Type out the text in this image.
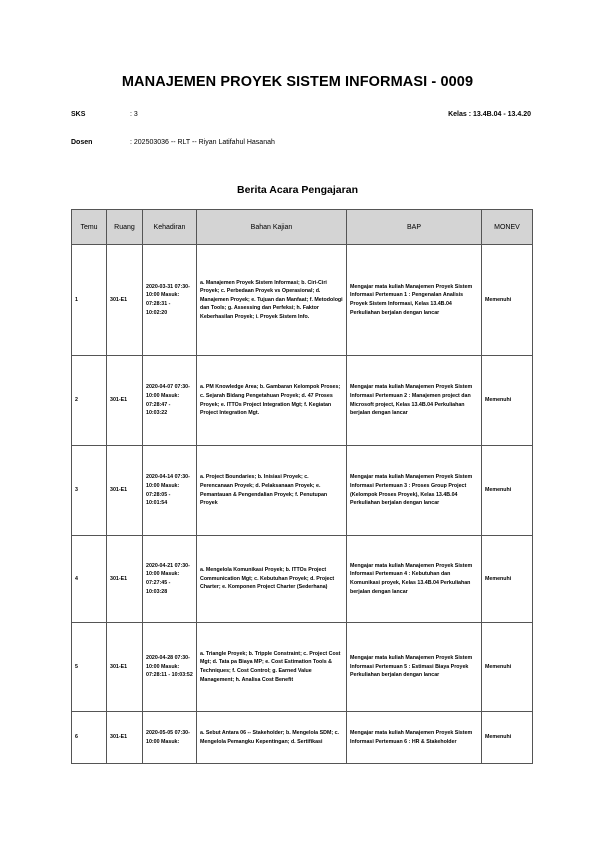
MANAJEMEN PROYEK SISTEM INFORMASI - 0009
SKS	: 3	Kelas : 13.4B.04 - 13.4.20
Dosen	: 202503036 -- RLT -- Riyan Latifahul Hasanah
Berita Acara Pengajaran
Temu	Ruang	Kehadiran	Bahan Kajian	BAP	MONEV
1	301-E1	2020-03-31 07:30-10:00 Masuk: 07:28:31 - 10:02:20	a. Manajemen Proyek Sistem Informasi; b. Ciri-Ciri Proyek; c. Perbedaan Proyek vs Operasional; d. Manajemen Proyek; e. Tujuan dan Manfaat; f. Metodologi dan Tools; g. Assessing dan Perfeksi; h. Faktor Keberhasilan Proyek; i. Proyek Sistem Info.	Mengajar mata kuliah Manajemen Proyek Sistem Informasi Pertemuan 1 : Pengenalan Analisis Proyek Sistem Informasi, Kelas 13.4B.04 Perkuliahan berjalan dengan lancar	Memenuhi
2	301-E1	2020-04-07 07:30-10:00 Masuk: 07:28:47 - 10:03:22	a. PM Knowledge Area; b. Gambaran Kelompok Proses; c. Sejarah Bidang Pengetahuan Proyek; d. 47 Proses Proyek; e. ITTOs Project Integration Mgt; f. Kegiatan Project Integration Mgt.	Mengajar mata kuliah Manajemen Proyek Sistem Informasi Pertemuan 2 : Manajemen project dan Microsoft project, Kelas 13.4B.04 Perkuliahan berjalan dengan lancar	Memenuhi
3	301-E1	2020-04-14 07:30-10:00 Masuk: 07:28:05 - 10:01:54	a. Project Boundaries; b. Inisiasi Proyek; c. Perencanaan Proyek; d. Pelaksanaan Proyek; e. Pemantauan & Pengendalian Proyek; f. Penutupan Proyek	Mengajar mata kuliah Manajemen Proyek Sistem Informasi Pertemuan 3 : Proses Group Project (Kelompok Proses Proyek), Kelas 13.4B.04 Perkuliahan berjalan dengan lancar	Memenuhi
4	301-E1	2020-04-21 07:30-10:00 Masuk: 07:27:45 - 10:03:28	a. Mengelola Komunikasi Proyek; b. ITTOs Project Communication Mgt; c. Kebutuhan Proyek; d. Project Charter; e. Komponen Project Charter (Sederhana)	Mengajar mata kuliah Manajemen Proyek Sistem Informasi Pertemuan 4 : Kebutuhan dan Komunikasi proyek, Kelas 13.4B.04 Perkuliahan berjalan dengan lancar	Memenuhi
5	301-E1	2020-04-28 07:30-10:00 Masuk: 07:28:11 - 10:03:52	a. Triangle Proyek; b. Tripple Constraint; c. Project Cost Mgt; d. Tata pa Biaya MP; e. Cost Estimation Tools & Techniques; f. Cost Control; g. Earned Value Management; h. Analisa Cost Benefit	Mengajar mata kuliah Manajemen Proyek Sistem Informasi Pertemuan 5 : Estimasi Biaya Proyek Perkuliahan berjalan dengan lancar	Memenuhi
6	301-E1	2020-05-05 07:30-10:00 Masuk:	a. Sebut Antara 06 -- Stakeholder; b. Mengelola SDM; c. Mengelola Pemangku Kepentingan; d. Sertifikasi	Mengajar mata kuliah Manajemen Proyek Sistem Informasi Pertemuan 6 : HR & Stakeholder	Memenuhi
